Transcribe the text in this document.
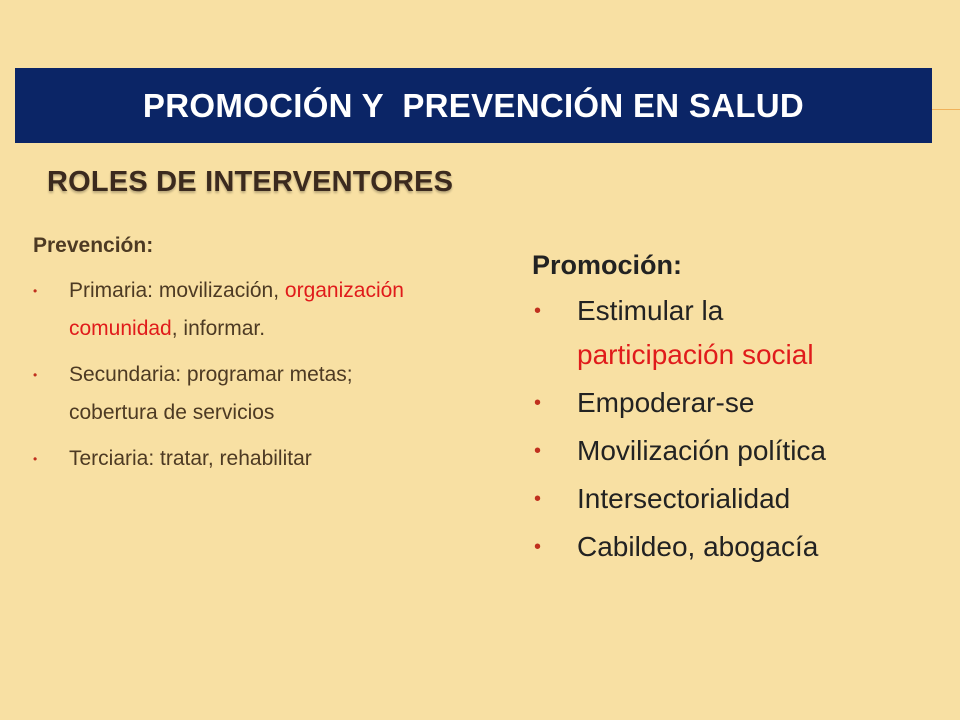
PROMOCIÓN Y  PREVENCIÓN EN SALUD
ROLES DE INTERVENTORES
Prevención:
• Primaria: movilización, organización comunidad, informar.
• Secundaria: programar metas; cobertura de servicios
• Terciaria: tratar, rehabilitar
Promoción:
• Estimular la
participación social
• Empoderar-se
• Movilización política
• Intersectorialidad
• Cabildeo, abogacía
